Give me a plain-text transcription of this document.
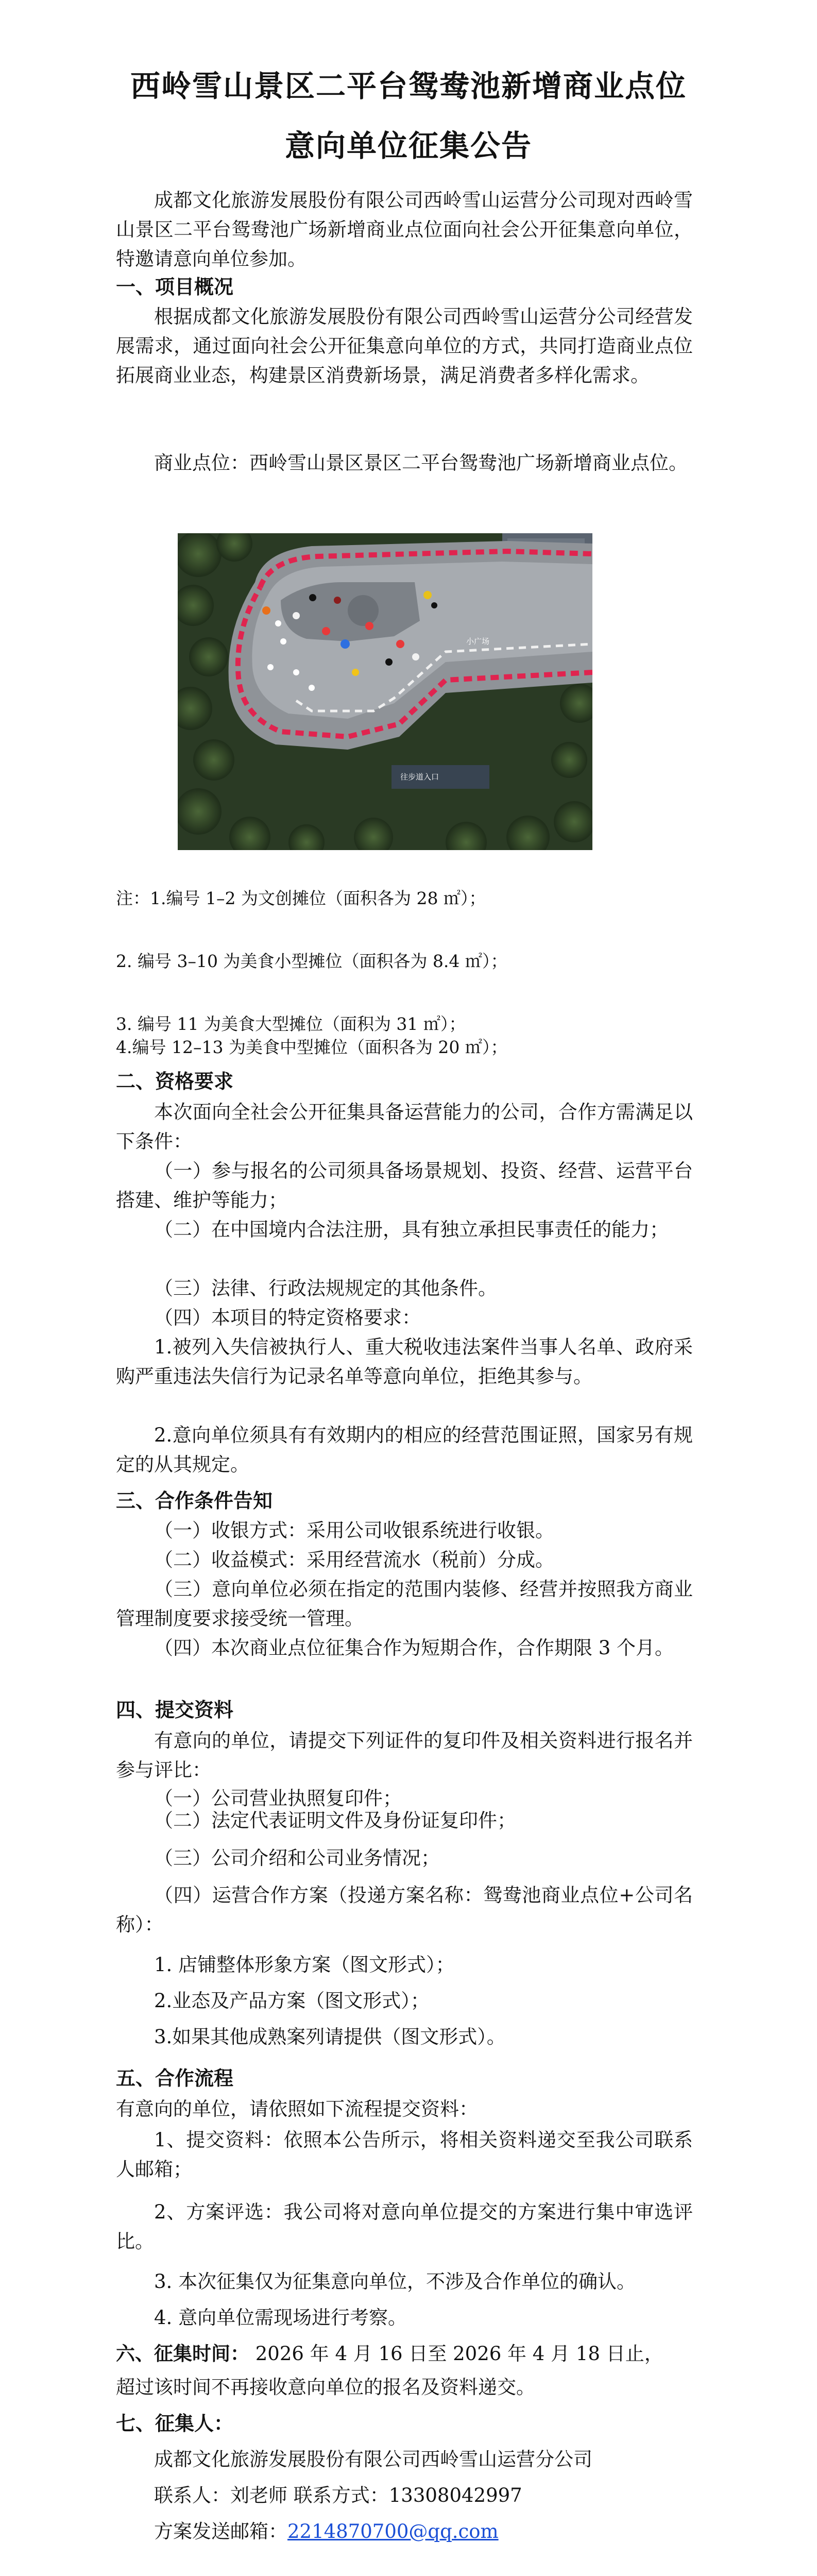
西岭雪山景区二平台鸳鸯池新增商业点位
意向单位征集公告
成都文化旅游发展股份有限公司西岭雪山运营分公司现对西岭雪山景区二平台鸳鸯池广场新增商业点位面向社会公开征集意向单位，特邀请意向单位参加。
一、项目概况
根据成都文化旅游发展股份有限公司西岭雪山运营分公司经营发展需求，通过面向社会公开征集意向单位的方式，共同打造商业点位拓展商业业态，构建景区消费新场景，满足消费者多样化需求。
商业点位：西岭雪山景区景区二平台鸳鸯池广场新增商业点位。
小广场
往步道入口
注：1.编号 1–2 为文创摊位（面积各为 28 ㎡）；
2. 编号 3–10 为美食小型摊位（面积各为 8.4 ㎡）；
3. 编号 11 为美食大型摊位（面积为 31 ㎡）；
4.编号 12–13 为美食中型摊位（面积各为 20 ㎡）；
二、资格要求
本次面向全社会公开征集具备运营能力的公司，合作方需满足以下条件：
（一）参与报名的公司须具备场景规划、投资、经营、运营平台搭建、维护等能力；
（二）在中国境内合法注册，具有独立承担民事责任的能力；
（三）法律、行政法规规定的其他条件。
（四）本项目的特定资格要求：
1.被列入失信被执行人、重大税收违法案件当事人名单、政府采购严重违法失信行为记录名单等意向单位，拒绝其参与。
2.意向单位须具有有效期内的相应的经营范围证照，国家另有规定的从其规定。
三、合作条件告知
（一）收银方式：采用公司收银系统进行收银。
（二）收益模式：采用经营流水（税前）分成。
（三）意向单位必须在指定的范围内装修、经营并按照我方商业管理制度要求接受统一管理。
（四）本次商业点位征集合作为短期合作，合作期限 3 个月。
四、提交资料
有意向的单位，请提交下列证件的复印件及相关资料进行报名并参与评比：
（一）公司营业执照复印件；
（二）法定代表证明文件及身份证复印件；
（三）公司介绍和公司业务情况；
（四）运营合作方案（投递方案名称：鸳鸯池商业点位+公司名称）：
1. 店铺整体形象方案（图文形式）；
2.业态及产品方案（图文形式）；
3.如果其他成熟案列请提供（图文形式）。
五、合作流程
有意向的单位，请依照如下流程提交资料：
1、提交资料：依照本公告所示，将相关资料递交至我公司联系人邮箱；
2、方案评选：我公司将对意向单位提交的方案进行集中审选评比。
3. 本次征集仅为征集意向单位，不涉及合作单位的确认。
4. 意向单位需现场进行考察。
六、征集时间： 2026 年 4 月 16 日至 2026 年 4 月 18 日止，
超过该时间不再接收意向单位的报名及资料递交。
七、征集人：
成都文化旅游发展股份有限公司西岭雪山运营分公司
联系人：刘老师 联系方式：13308042997
方案发送邮箱：2214870700@qq.com
